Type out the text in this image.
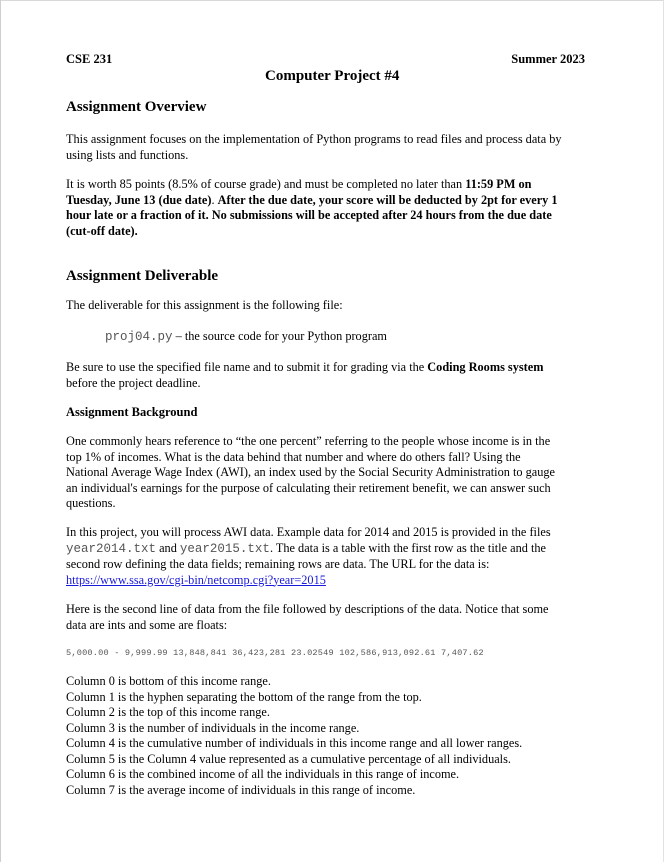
CSE 231	Summer 2023
Computer Project #4
Assignment Overview
This assignment focuses on the implementation of Python programs to read files and process data by
using lists and functions.
It is worth 85 points (8.5% of course grade) and must be completed no later than 11:59 PM on
Tuesday, June 13 (due date). After the due date, your score will be deducted by 2pt for every 1
hour late or a fraction of it. No submissions will be accepted after 24 hours from the due date
(cut-off date).
Assignment Deliverable
The deliverable for this assignment is the following file:
proj04.py – the source code for your Python program
Be sure to use the specified file name and to submit it for grading via the Coding Rooms system
before the project deadline.
Assignment Background
One commonly hears reference to “the one percent” referring to the people whose income is in the
top 1% of incomes. What is the data behind that number and where do others fall? Using the
National Average Wage Index (AWI), an index used by the Social Security Administration to gauge
an individual's earnings for the purpose of calculating their retirement benefit, we can answer such
questions.
In this project, you will process AWI data. Example data for 2014 and 2015 is provided in the files
year2014.txt and year2015.txt. The data is a table with the first row as the title and the
second row defining the data fields; remaining rows are data. The URL for the data is:
https://www.ssa.gov/cgi-bin/netcomp.cgi?year=2015
Here is the second line of data from the file followed by descriptions of the data. Notice that some
data are ints and some are floats:
5,000.00 - 9,999.99 13,848,841 36,423,281 23.02549 102,586,913,092.61 7,407.62
Column 0 is bottom of this income range.
Column 1 is the hyphen separating the bottom of the range from the top.
Column 2 is the top of this income range.
Column 3 is the number of individuals in the income range.
Column 4 is the cumulative number of individuals in this income range and all lower ranges.
Column 5 is the Column 4 value represented as a cumulative percentage of all individuals.
Column 6 is the combined income of all the individuals in this range of income.
Column 7 is the average income of individuals in this range of income.
